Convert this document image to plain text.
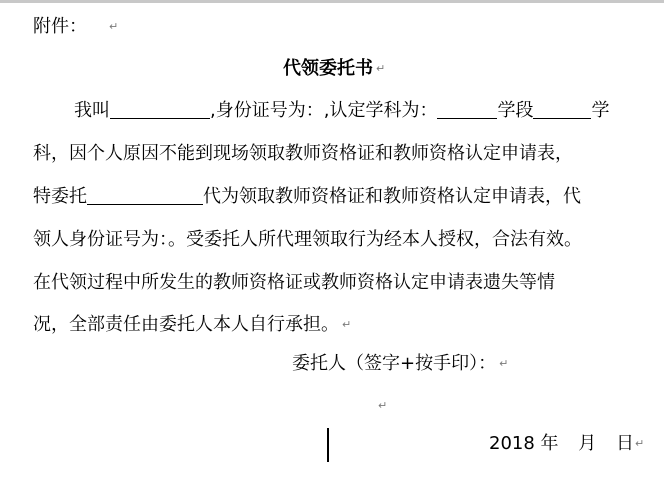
附件： ↵
代领委托书 ↵
我叫	,身份证号为：,认定学科为：	学段	学
科，因个人原因不能到现场领取教师资格证和教师资格认定申请表，
特委托	代为领取教师资格证和教师资格认定申请表，代
领人身份证号为：。受委托人所代理领取行为经本人授权，合法有效。
在代领过程中所发生的教师资格证或教师资格认定申请表遗失等情
况，全部责任由委托人本人自行承担。 ↵
委托人（签字+按手印）： ↵
↵
2018 年 月 日↵
